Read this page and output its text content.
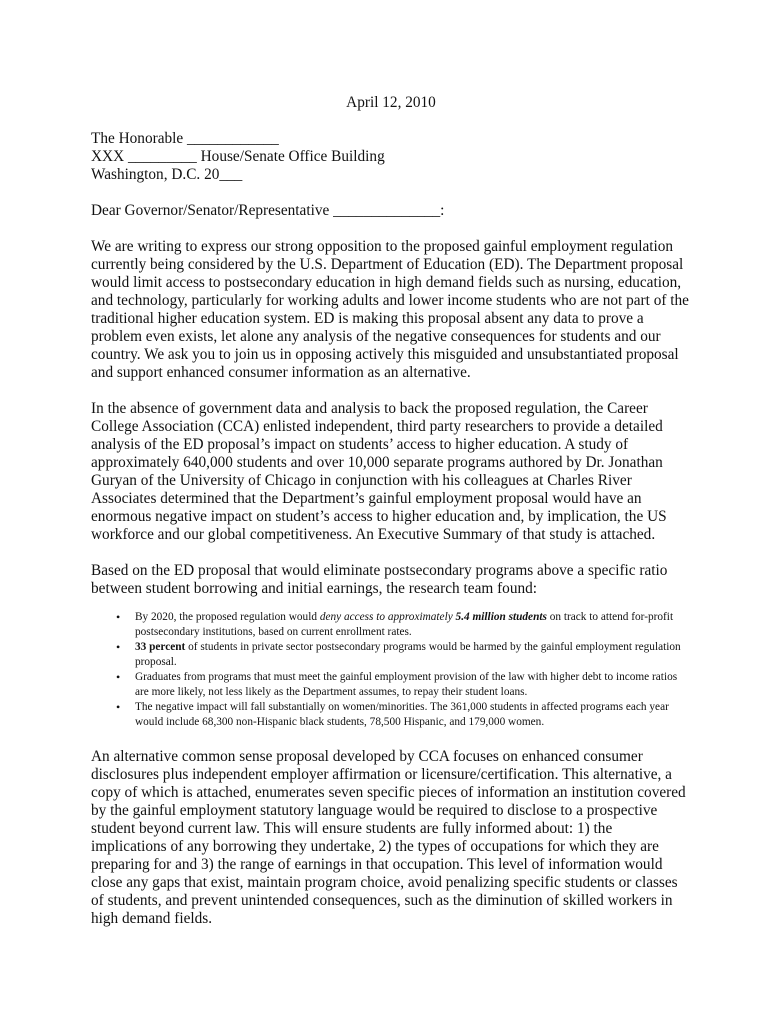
April 12, 2010

The Honorable ____________

XXX _________ House/Senate Office Building

Washington, D.C. 20___

Dear Governor/Senator/Representative ______________:

We are writing to express our strong opposition to the proposed gainful employment regulation currently being considered by the U.S. Department of Education (ED). The Department proposal would limit access to postsecondary education in high demand fields such as nursing, education, and technology, particularly for working adults and lower income students who are not part of the traditional higher education system. ED is making this proposal absent any data to prove a problem even exists, let alone any analysis of the negative consequences for students and our country. We ask you to join us in opposing actively this misguided and unsubstantiated proposal and support enhanced consumer information as an alternative.

In the absence of government data and analysis to back the proposed regulation, the Career College Association (CCA) enlisted independent, third party researchers to provide a detailed analysis of the ED proposal’s impact on students’ access to higher education. A study of approximately 640,000 students and over 10,000 separate programs authored by Dr. Jonathan Guryan of the University of Chicago in conjunction with his colleagues at Charles River Associates determined that the Department’s gainful employment proposal would have an enormous negative impact on student’s access to higher education and, by implication, the US workforce and our global competitiveness. An Executive Summary of that study is attached.

Based on the ED proposal that would eliminate postsecondary programs above a specific ratio between student borrowing and initial earnings, the research team found:

• By 2020, the proposed regulation would deny access to approximately 5.4 million students on track to attend for-profit postsecondary institutions, based on current enrollment rates.
• 33 percent of students in private sector postsecondary programs would be harmed by the gainful employment regulation proposal.
• Graduates from programs that must meet the gainful employment provision of the law with higher debt to income ratios are more likely, not less likely as the Department assumes, to repay their student loans.
• The negative impact will fall substantially on women/minorities. The 361,000 students in affected programs each year would include 68,300 non-Hispanic black students, 78,500 Hispanic, and 179,000 women.

An alternative common sense proposal developed by CCA focuses on enhanced consumer disclosures plus independent employer affirmation or licensure/certification. This alternative, a copy of which is attached, enumerates seven specific pieces of information an institution covered by the gainful employment statutory language would be required to disclose to a prospective student beyond current law. This will ensure students are fully informed about: 1) the implications of any borrowing they undertake, 2) the types of occupations for which they are preparing for and 3) the range of earnings in that occupation. This level of information would close any gaps that exist, maintain program choice, avoid penalizing specific students or classes of students, and prevent unintended consequences, such as the diminution of skilled workers in high demand fields.
